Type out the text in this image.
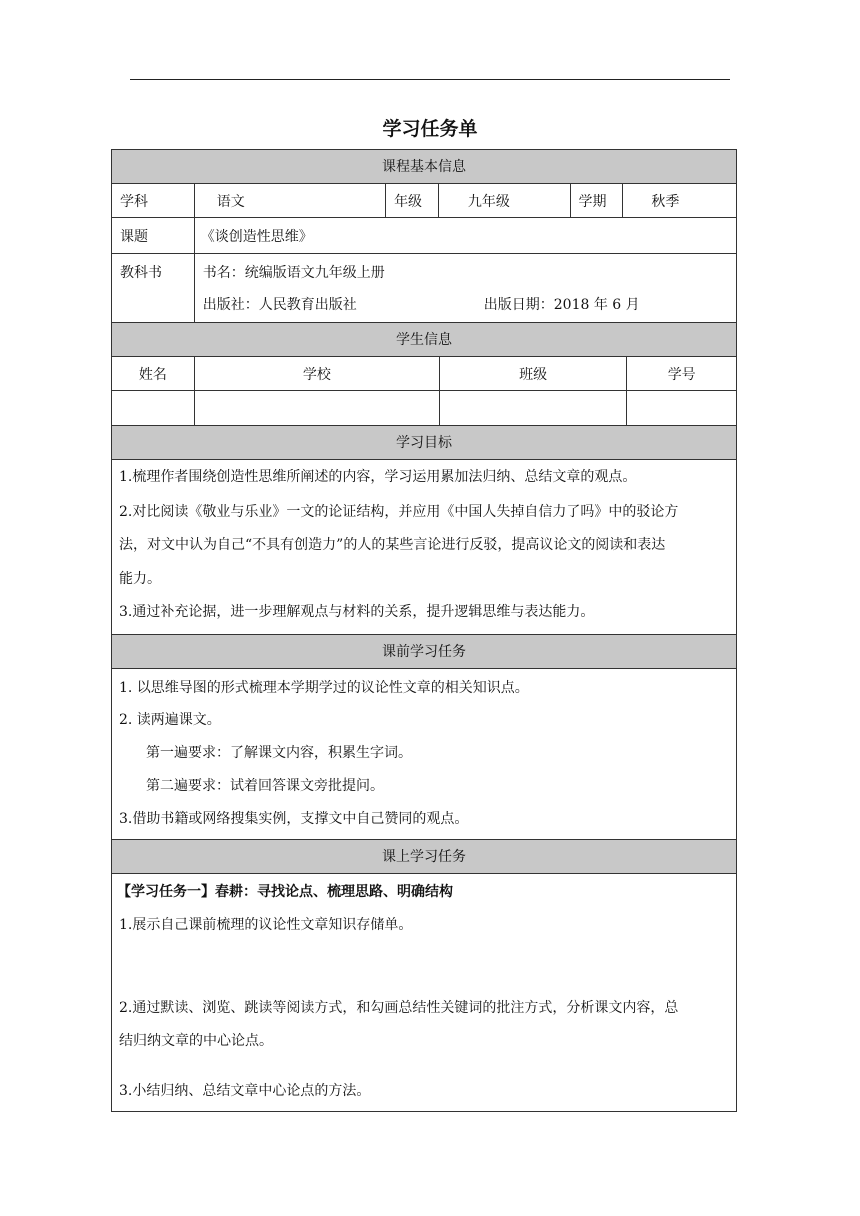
学习任务单
课程基本信息
学科	语文	年级	九年级	学期	秋季
课题	《谈创造性思维》
教科书	书名：统编版语文九年级上册
出版社：人民教育出版社	出版日期：2018 年 6 月
学生信息
姓名	学校	班级	学号
学习目标
1.梳理作者围绕创造性思维所阐述的内容，学习运用累加法归纳、总结文章的观点。
2.对比阅读《敬业与乐业》一文的论证结构，并应用《中国人失掉自信力了吗》中的驳论方
法，对文中认为自己“不具有创造力”的人的某些言论进行反驳，提高议论文的阅读和表达
能力。
3.通过补充论据，进一步理解观点与材料的关系，提升逻辑思维与表达能力。
课前学习任务
1. 以思维导图的形式梳理本学期学过的议论性文章的相关知识点。
2. 读两遍课文。
第一遍要求：了解课文内容，积累生字词。
第二遍要求：试着回答课文旁批提问。
3.借助书籍或网络搜集实例，支撑文中自己赞同的观点。
课上学习任务
【学习任务一】春耕：寻找论点、梳理思路、明确结构
1.展示自己课前梳理的议论性文章知识存储单。
2.通过默读、浏览、跳读等阅读方式，和勾画总结性关键词的批注方式，分析课文内容，总
结归纳文章的中心论点。
3.小结归纳、总结文章中心论点的方法。
